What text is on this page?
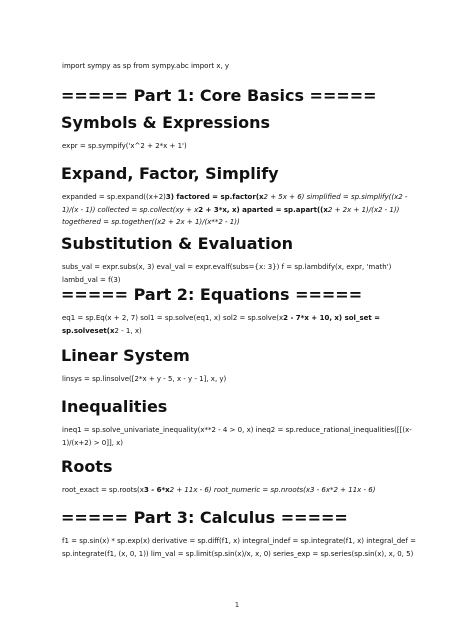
import sympy as sp from sympy.abc import x, y

===== Part 1: Core Basics =====
Symbols & Expressions

expr = sp.sympify('x^2 + 2*x + 1')

Expand, Factor, Simplify

expanded = sp.expand((x+2)3) factored = sp.factor(x2 + 5x + 6) simplified = sp.simplify((x2 - 1)/(x - 1)) collected = sp.collect(xy + x2 + 3*x, x) aparted = sp.apart((x2 + 2x + 1)/(x2 - 1)) togethered = sp.together((x2 + 2x + 1)/(x**2 - 1))

Substitution & Evaluation

subs_val = expr.subs(x, 3) eval_val = expr.evalf(subs={x: 3}) f = sp.lambdify(x, expr, 'math') lambd_val = f(3)

===== Part 2: Equations =====

eq1 = sp.Eq(x + 2, 7) sol1 = sp.solve(eq1, x) sol2 = sp.solve(x2 - 7*x + 10, x) sol_set = sp.solveset(x2 - 1, x)

Linear System

linsys = sp.linsolve([2*x + y - 5, x - y - 1], x, y)

Inequalities

ineq1 = sp.solve_univariate_inequality(x**2 - 4 > 0, x) ineq2 = sp.reduce_rational_inequalities([[(x-1)/(x+2) > 0]], x)

Roots

root_exact = sp.roots(x3 - 6*x2 + 11x - 6) root_numeric = sp.nroots(x3 - 6x*2 + 11x - 6)

===== Part 3: Calculus =====

f1 = sp.sin(x) * sp.exp(x) derivative = sp.diff(f1, x) integral_indef = sp.integrate(f1, x) integral_def = sp.integrate(f1, (x, 0, 1)) lim_val = sp.limit(sp.sin(x)/x, x, 0) series_exp = sp.series(sp.sin(x), x, 0, 5)

1
